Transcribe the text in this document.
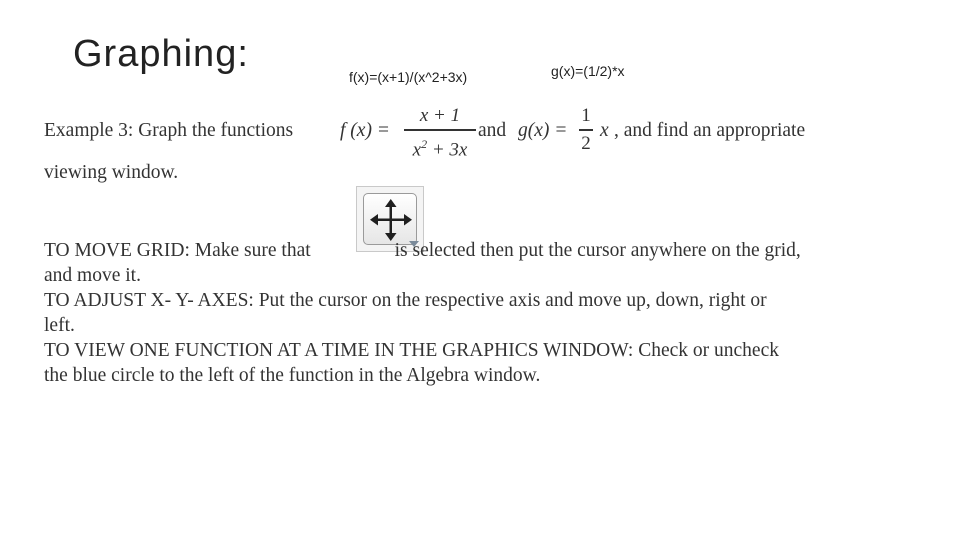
Graphing:
f(x)=(x+1)/(x^2+3x)	g(x)=(1/2)*x
Example 3: Graph the functions f (x) =
x + 1
$x^2 + 3x$
and g(x) =
1
2
x , and find an appropriate
viewing window.

TO MOVE GRID: Make sure that	is selected then put the cursor anywhere on the grid,

and move it.

TO ADJUST X- Y- AXES: Put the cursor on the respective axis and move up, down, right or

left.

TO VIEW ONE FUNCTION AT A TIME IN THE GRAPHICS WINDOW: Check or uncheck

the blue circle to the left of the function in the Algebra window.
